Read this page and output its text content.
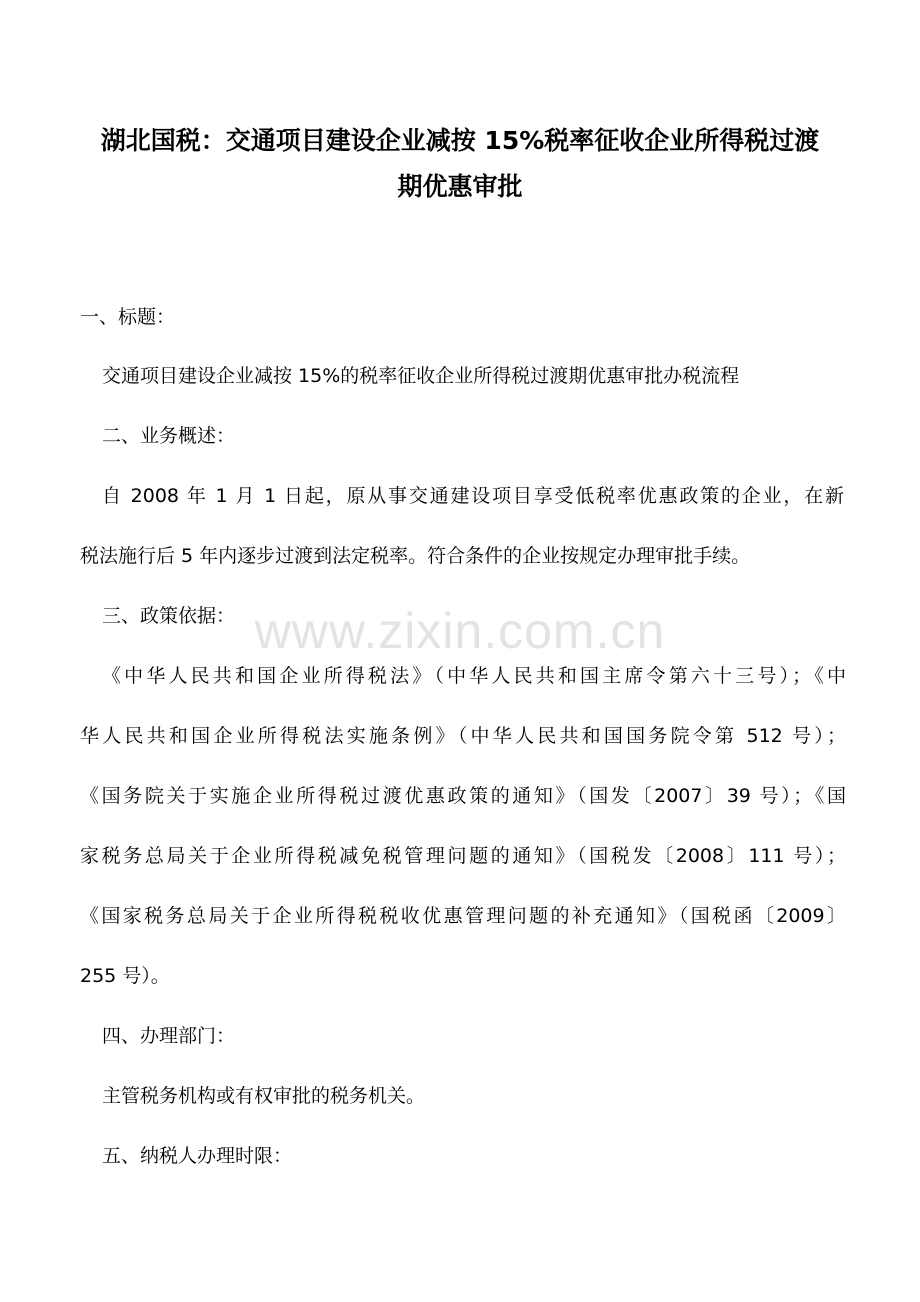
www.zixin.com.cn
湖北国税：交通项目建设企业减按 15%税率征收企业所得税过渡
期优惠审批
一、标题：
交通项目建设企业减按 15%的税率征收企业所得税过渡期优惠审批办税流程
二、业务概述：
自 2008 年 1 月 1 日起，原从事交通建设项目享受低税率优惠政策的企业，在新
税法施行后 5 年内逐步过渡到法定税率。符合条件的企业按规定办理审批手续。
三、政策依据：
《中华人民共和国企业所得税法》（中华人民共和国主席令第六十三号）；《中
华人民共和国企业所得税法实施条例》（中华人民共和国国务院令第 512 号）；
《国务院关于实施企业所得税过渡优惠政策的通知》（国发〔2007〕39 号）；《国
家税务总局关于企业所得税减免税管理问题的通知》（国税发〔2008〕111 号）；
《国家税务总局关于企业所得税税收优惠管理问题的补充通知》（国税函〔2009〕
255 号）。
四、办理部门：
主管税务机构或有权审批的税务机关。
五、纳税人办理时限：
